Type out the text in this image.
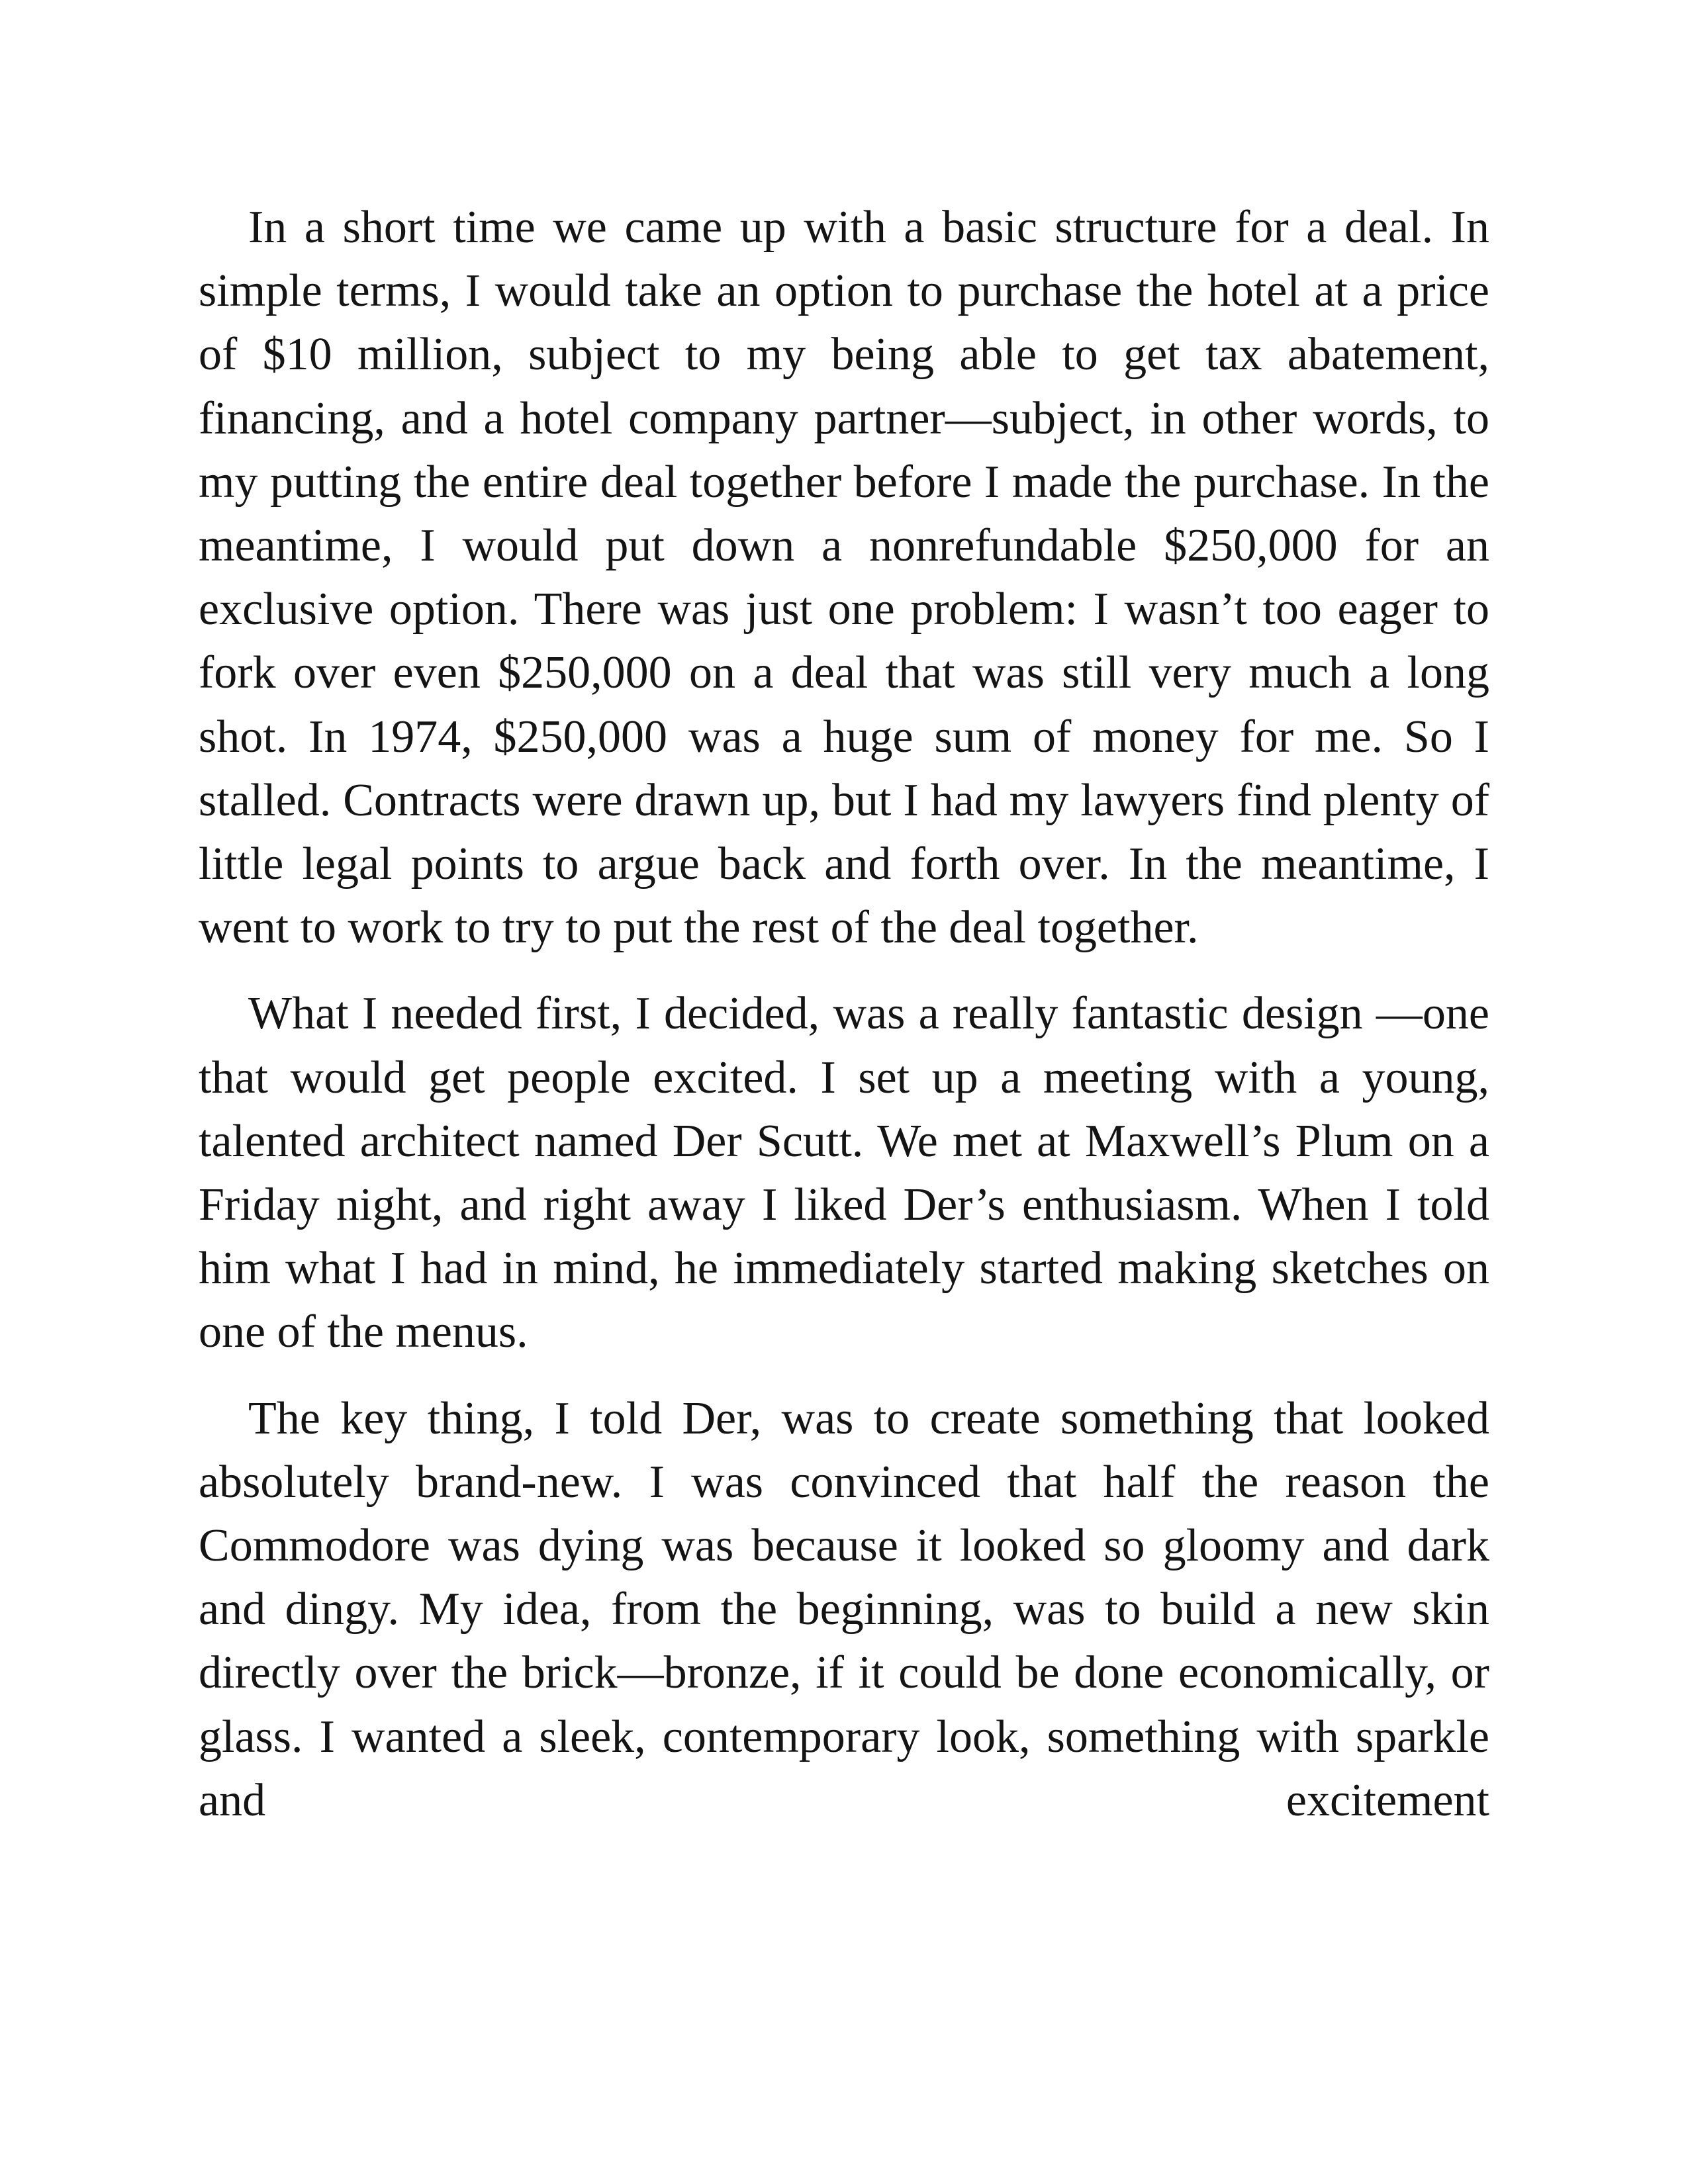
In a short time we came up with a basic structure for a deal. In simple terms, I would take an option to purchase the hotel at a price of $10 million, subject to my being able to get tax abatement, financing, and a hotel company partner—subject, in other words, to my putting the entire deal together before I made the purchase. In the meantime, I would put down a nonrefundable $250,000 for an exclusive option. There was just one problem: I wasn’t too eager to fork over even $250,000 on a deal that was still very much a long shot. In 1974, $250,000 was a huge sum of money for me. So I stalled. Contracts were drawn up, but I had my lawyers find plenty of little legal points to argue back and forth over. In the meantime, I went to work to try to put the rest of the deal together.

What I needed first, I decided, was a really fantastic design —one that would get people excited. I set up a meeting with a young, talented architect named Der Scutt. We met at Maxwell’s Plum on a Friday night, and right away I liked Der’s enthusiasm. When I told him what I had in mind, he immediately started making sketches on one of the menus.

The key thing, I told Der, was to create something that looked absolutely brand-new. I was convinced that half the reason the Commodore was dying was because it looked so gloomy and dark and dingy. My idea, from the beginning, was to build a new skin directly over the brick—bronze, if it could be done economically, or glass. I wanted a sleek, contemporary look, something with sparkle and excitement
